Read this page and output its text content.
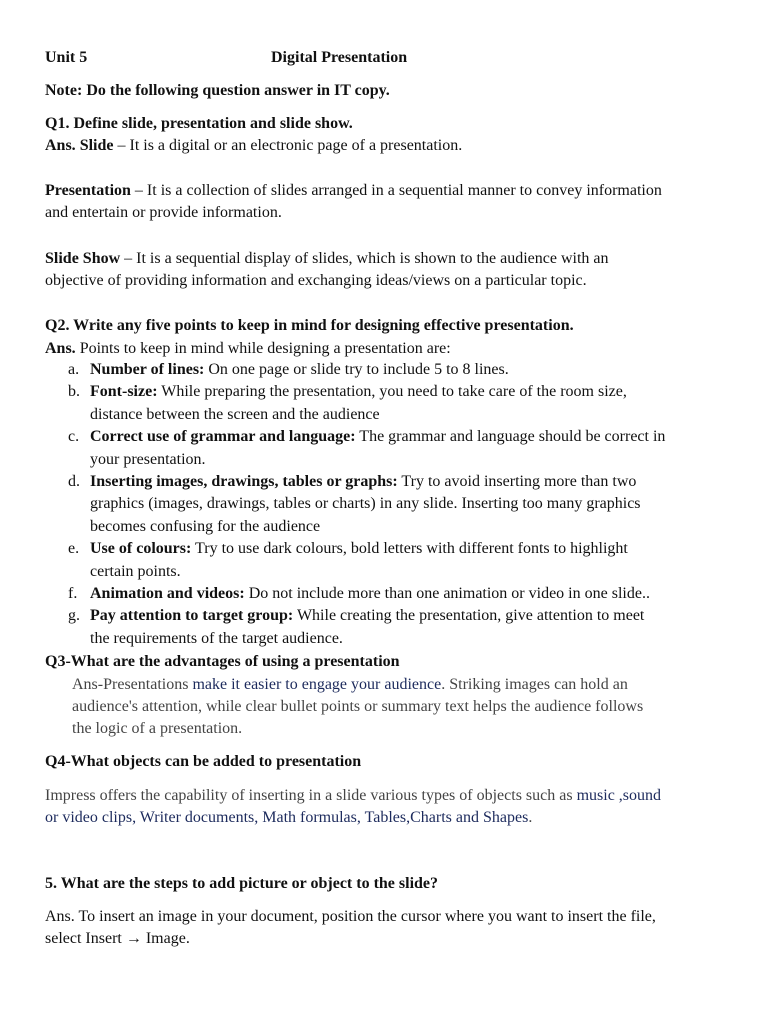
Unit 5	Digital Presentation
Note: Do the following question answer in IT copy.
Q1. Define slide, presentation and slide show.
Ans. Slide – It is a digital or an electronic page of a presentation.
Presentation – It is a collection of slides arranged in a sequential manner to convey information
and entertain or provide information.
Slide Show – It is a sequential display of slides, which is shown to the audience with an
objective of providing information and exchanging ideas/views on a particular topic.
Q2. Write any five points to keep in mind for designing effective presentation.
Ans. Points to keep in mind while designing a presentation are:
a. Number of lines: On one page or slide try to include 5 to 8 lines.
b. Font-size: While preparing the presentation, you need to take care of the room size,
distance between the screen and the audience
c. Correct use of grammar and language: The grammar and language should be correct in
your presentation.
d. Inserting images, drawings, tables or graphs: Try to avoid inserting more than two
graphics (images, drawings, tables or charts) in any slide. Inserting too many graphics
becomes confusing for the audience
e. Use of colours: Try to use dark colours, bold letters with different fonts to highlight
certain points.
f. Animation and videos: Do not include more than one animation or video in one slide..
g. Pay attention to target group: While creating the presentation, give attention to meet
the requirements of the target audience.
Q3-What are the advantages of using a presentation
Ans-Presentations make it easier to engage your audience. Striking images can hold an
audience's attention, while clear bullet points or summary text helps the audience follows
the logic of a presentation.
Q4-What objects can be added to presentation
Impress offers the capability of inserting in a slide various types of objects such as music ,sound
or video clips, Writer documents, Math formulas, Tables,Charts and Shapes.
5. What are the steps to add picture or object to the slide?
Ans. To insert an image in your document, position the cursor where you want to insert the file,
select Insert → Image.
